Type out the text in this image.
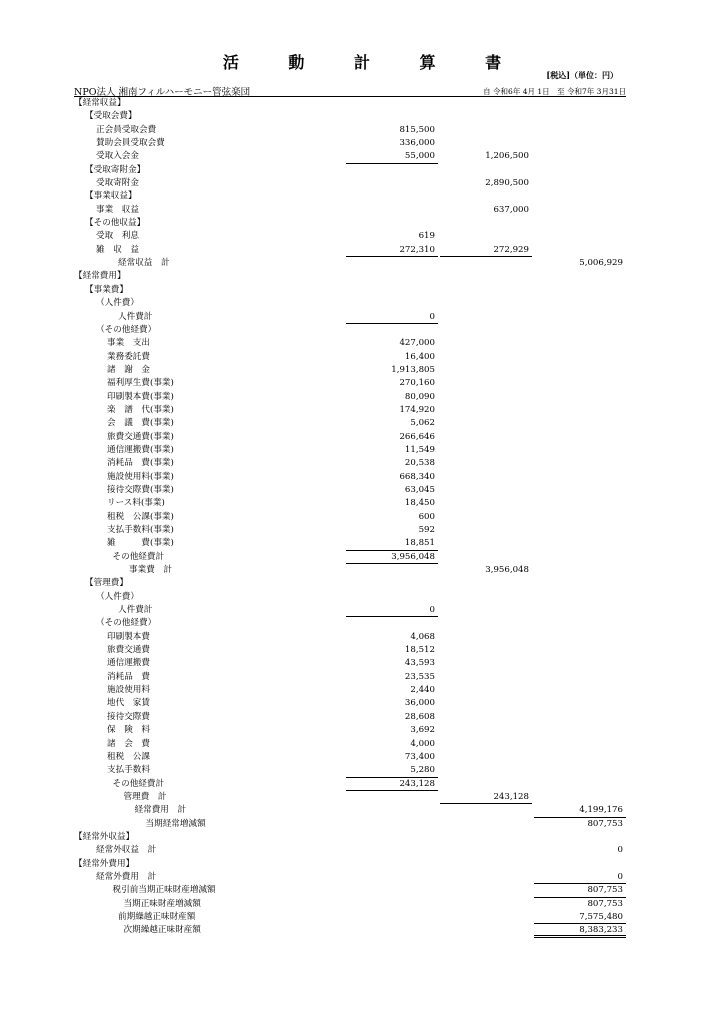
活 動 計 算 書
[税込]（単位：円）
NPO法人 湘南フィルハーモニー管弦楽団	自 令和6年 4月 1日　至 令和7年 3月31日
【経常収益】
【受取会費】
正会員受取会費	815,500
賛助会員受取会費	336,000
受取入会金	55,000	1,206,500
【受取寄附金】
受取寄附金	2,890,500
【事業収益】
事業　収益	637,000
【その他収益】
受取　利息	619
雑　収　益	272,310	272,929
経常収益　計	5,006,929
【経常費用】
【事業費】
（人件費）
人件費計	0
（その他経費）
事業　支出	427,000
業務委託費	16,400
諸　謝　金	1,913,805
福利厚生費(事業)	270,160
印刷製本費(事業)	80,090
楽　譜　代(事業)	174,920
会　議　費(事業)	5,062
旅費交通費(事業)	266,646
通信運搬費(事業)	11,549
消耗品　費(事業)	20,538
施設使用料(事業)	668,340
接待交際費(事業)	63,045
リース料(事業)	18,450
租税　公課(事業)	600
支払手数料(事業)	592
雑　　　費(事業)	18,851
その他経費計	3,956,048
事業費　計	3,956,048
【管理費】
（人件費）
人件費計	0
（その他経費）
印刷製本費	4,068
旅費交通費	18,512
通信運搬費	43,593
消耗品　費	23,535
施設使用料	2,440
地代　家賃	36,000
接待交際費	28,608
保　険　料	3,692
諸　会　費	4,000
租税　公課	73,400
支払手数料	5,280
その他経費計	243,128
管理費　計	243,128
経常費用　計	4,199,176
当期経常増減額	807,753
【経常外収益】
経常外収益　計	0
【経常外費用】
経常外費用　計	0
税引前当期正味財産増減額	807,753
当期正味財産増減額	807,753
前期繰越正味財産額	7,575,480
次期繰越正味財産額	8,383,233
